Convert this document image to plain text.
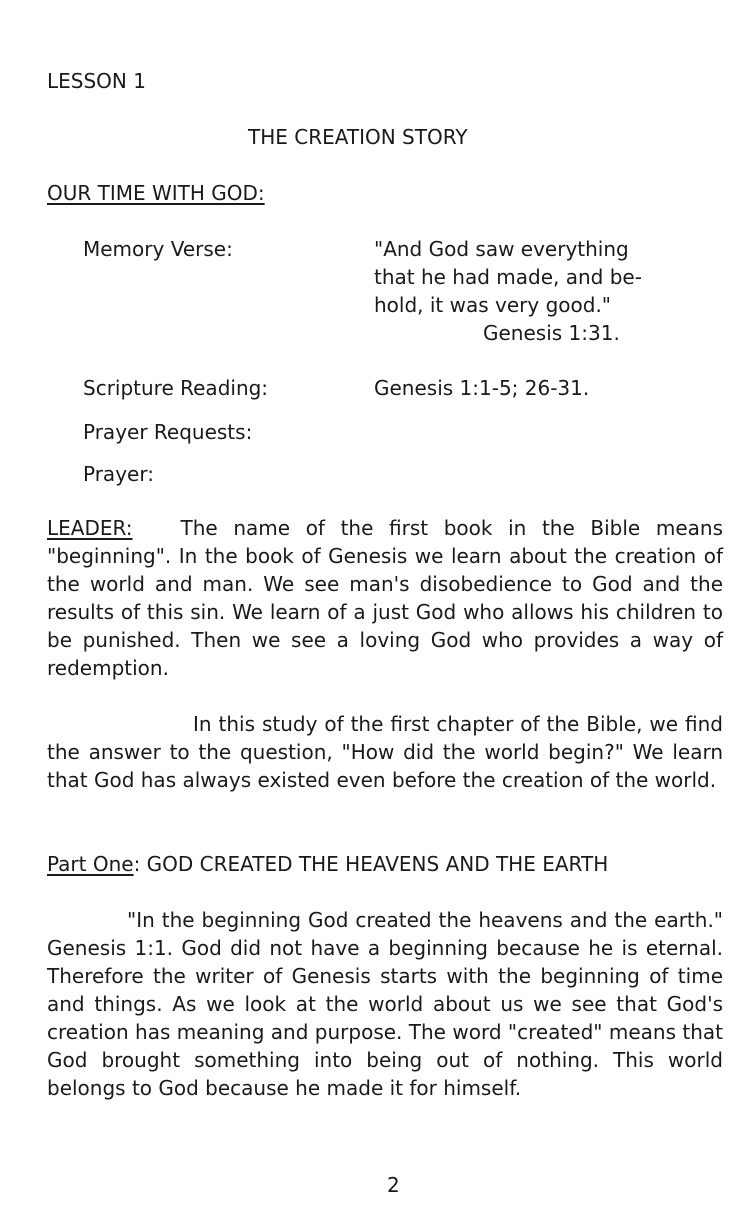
LESSON 1
THE CREATION STORY
OUR TIME WITH GOD:
Memory Verse:	"And God saw everything
that he had made, and be-
hold, it was very good."
Genesis 1:31.
Scripture Reading:	Genesis 1:1-5; 26-31.
Prayer Requests:
Prayer:

LEADER: The name of the first book in the Bible means "beginning". In the book of Genesis we learn about the creation of the world and man. We see man's disobedience to God and the results of this sin. We learn of a just God who allows his children to be punished. Then we see a loving God who provides a way of redemption.

In this study of the first chapter of the Bible, we find the answer to the question, "How did the world begin?" We learn that God has always existed even before the creation of the world.

Part One: GOD CREATED THE HEAVENS AND THE EARTH

"In the beginning God created the heavens and the earth." Genesis 1:1. God did not have a beginning because he is eternal. Therefore the writer of Genesis starts with the beginning of time and things. As we look at the world about us we see that God's creation has meaning and purpose. The word "created" means that God brought something into being out of nothing. This world belongs to God because he made it for himself.

2
